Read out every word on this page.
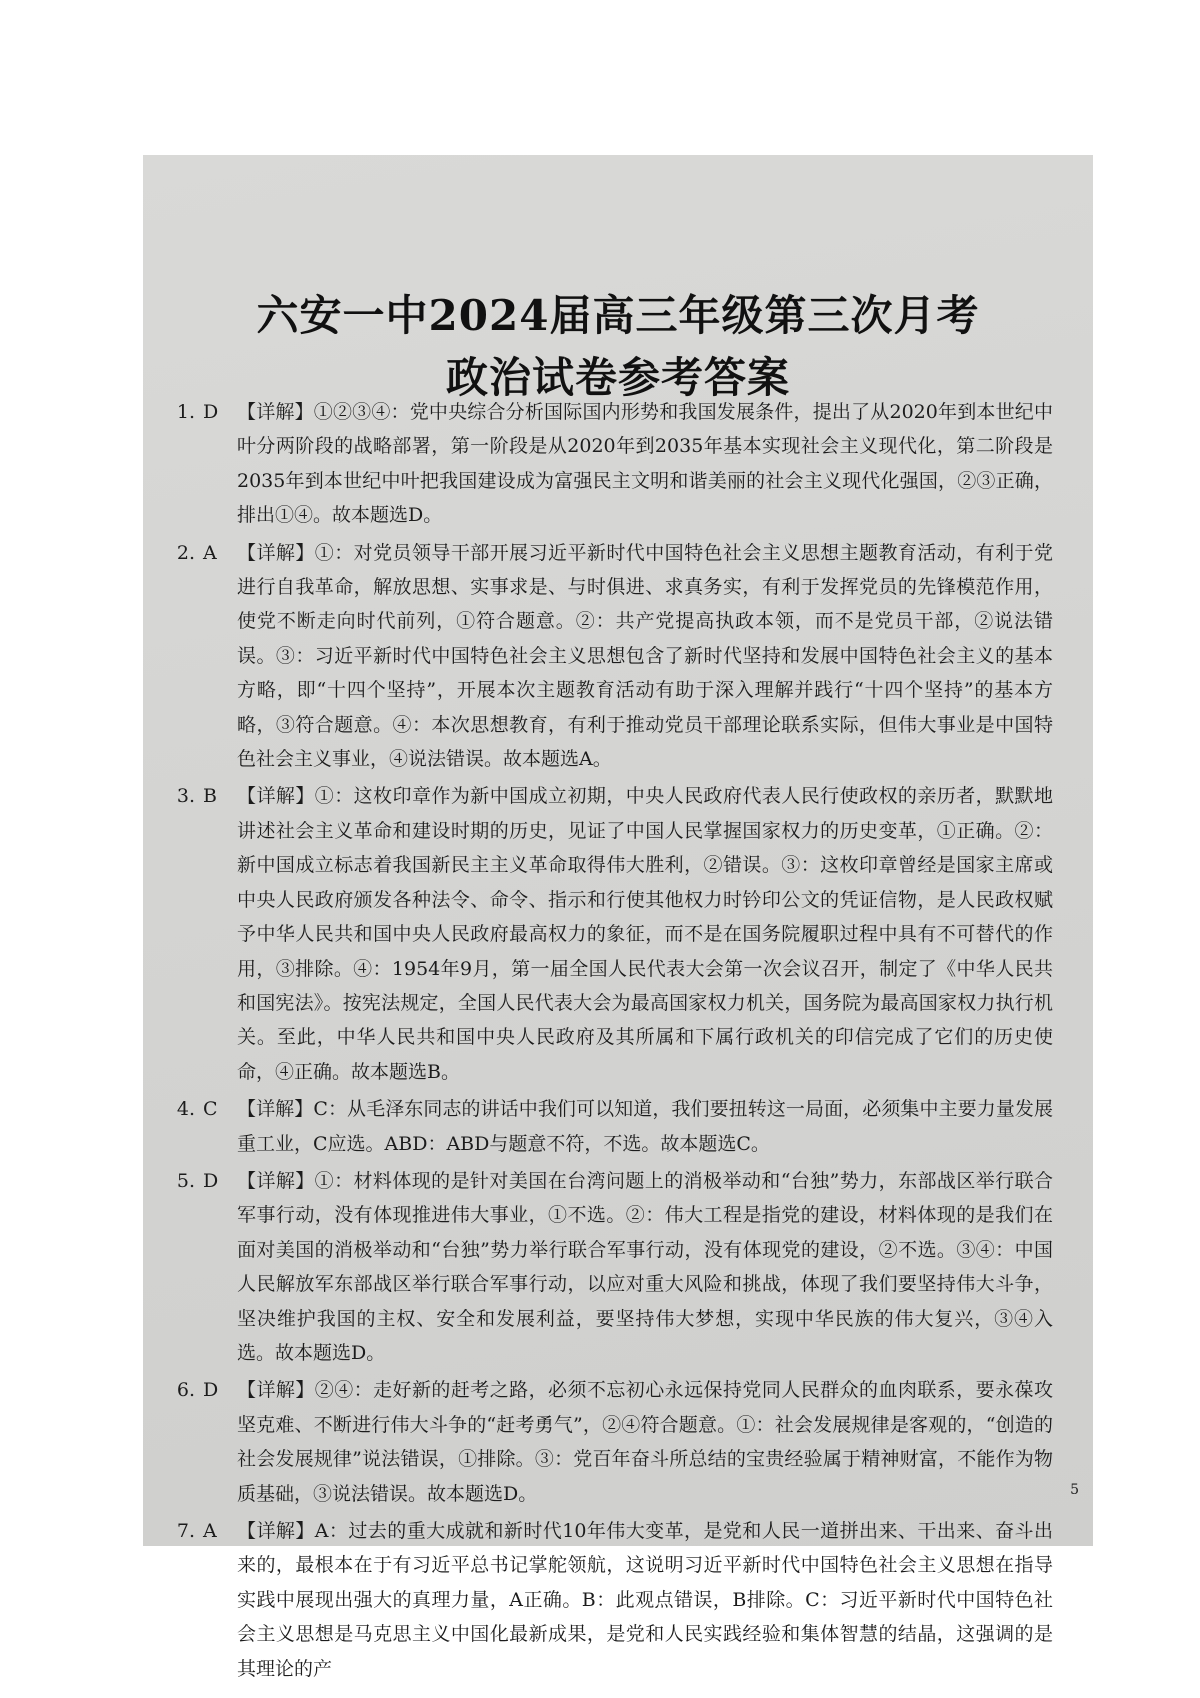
六安一中2024届高三年级第三次月考
政治试卷参考答案
1. D 【详解】①②③④：党中央综合分析国际国内形势和我国发展条件，提出了从2020年到本世纪中叶分两阶段的战略部署，第一阶段是从2020年到2035年基本实现社会主义现代化，第二阶段是2035年到本世纪中叶把我国建设成为富强民主文明和谐美丽的社会主义现代化强国，②③正确，排出①④。故本题选D。
2. A 【详解】①：对党员领导干部开展习近平新时代中国特色社会主义思想主题教育活动，有利于党进行自我革命，解放思想、实事求是、与时俱进、求真务实，有利于发挥党员的先锋模范作用，使党不断走向时代前列，①符合题意。②：共产党提高执政本领，而不是党员干部，②说法错误。③：习近平新时代中国特色社会主义思想包含了新时代坚持和发展中国特色社会主义的基本方略，即“十四个坚持”，开展本次主题教育活动有助于深入理解并践行“十四个坚持”的基本方略，③符合题意。④：本次思想教育，有利于推动党员干部理论联系实际，但伟大事业是中国特色社会主义事业，④说法错误。故本题选A。
3. B 【详解】①：这枚印章作为新中国成立初期，中央人民政府代表人民行使政权的亲历者，默默地讲述社会主义革命和建设时期的历史，见证了中国人民掌握国家权力的历史变革，①正确。②：新中国成立标志着我国新民主主义革命取得伟大胜利，②错误。③：这枚印章曾经是国家主席或中央人民政府颁发各种法令、命令、指示和行使其他权力时钤印公文的凭证信物，是人民政权赋予中华人民共和国中央人民政府最高权力的象征，而不是在国务院履职过程中具有不可替代的作用，③排除。④：1954年9月，第一届全国人民代表大会第一次会议召开，制定了《中华人民共和国宪法》。按宪法规定，全国人民代表大会为最高国家权力机关，国务院为最高国家权力执行机关。至此，中华人民共和国中央人民政府及其所属和下属行政机关的印信完成了它们的历史使命，④正确。故本题选B。
4. C 【详解】C：从毛泽东同志的讲话中我们可以知道，我们要扭转这一局面，必须集中主要力量发展重工业，C应选。ABD：ABD与题意不符，不选。故本题选C。
5. D 【详解】①：材料体现的是针对美国在台湾问题上的消极举动和“台独”势力，东部战区举行联合军事行动，没有体现推进伟大事业，①不选。②：伟大工程是指党的建设，材料体现的是我们在面对美国的消极举动和“台独”势力举行联合军事行动，没有体现党的建设，②不选。③④：中国人民解放军东部战区举行联合军事行动，以应对重大风险和挑战，体现了我们要坚持伟大斗争，坚决维护我国的主权、安全和发展利益，要坚持伟大梦想，实现中华民族的伟大复兴，③④入选。故本题选D。
6. D 【详解】②④：走好新的赶考之路，必须不忘初心永远保持党同人民群众的血肉联系，要永葆攻坚克难、不断进行伟大斗争的“赶考勇气”，②④符合题意。①：社会发展规律是客观的，“创造的社会发展规律”说法错误，①排除。③：党百年奋斗所总结的宝贵经验属于精神财富，不能作为物质基础，③说法错误。故本题选D。
7. A 【详解】A：过去的重大成就和新时代10年伟大变革，是党和人民一道拼出来、干出来、奋斗出来的，最根本在于有习近平总书记掌舵领航，这说明习近平新时代中国特色社会主义思想在指导实践中展现出强大的真理力量，A正确。B：此观点错误，B排除。C：习近平新时代中国特色社会主义思想是马克思主义中国化最新成果，是党和人民实践经验和集体智慧的结晶，这强调的是其理论的产
5
